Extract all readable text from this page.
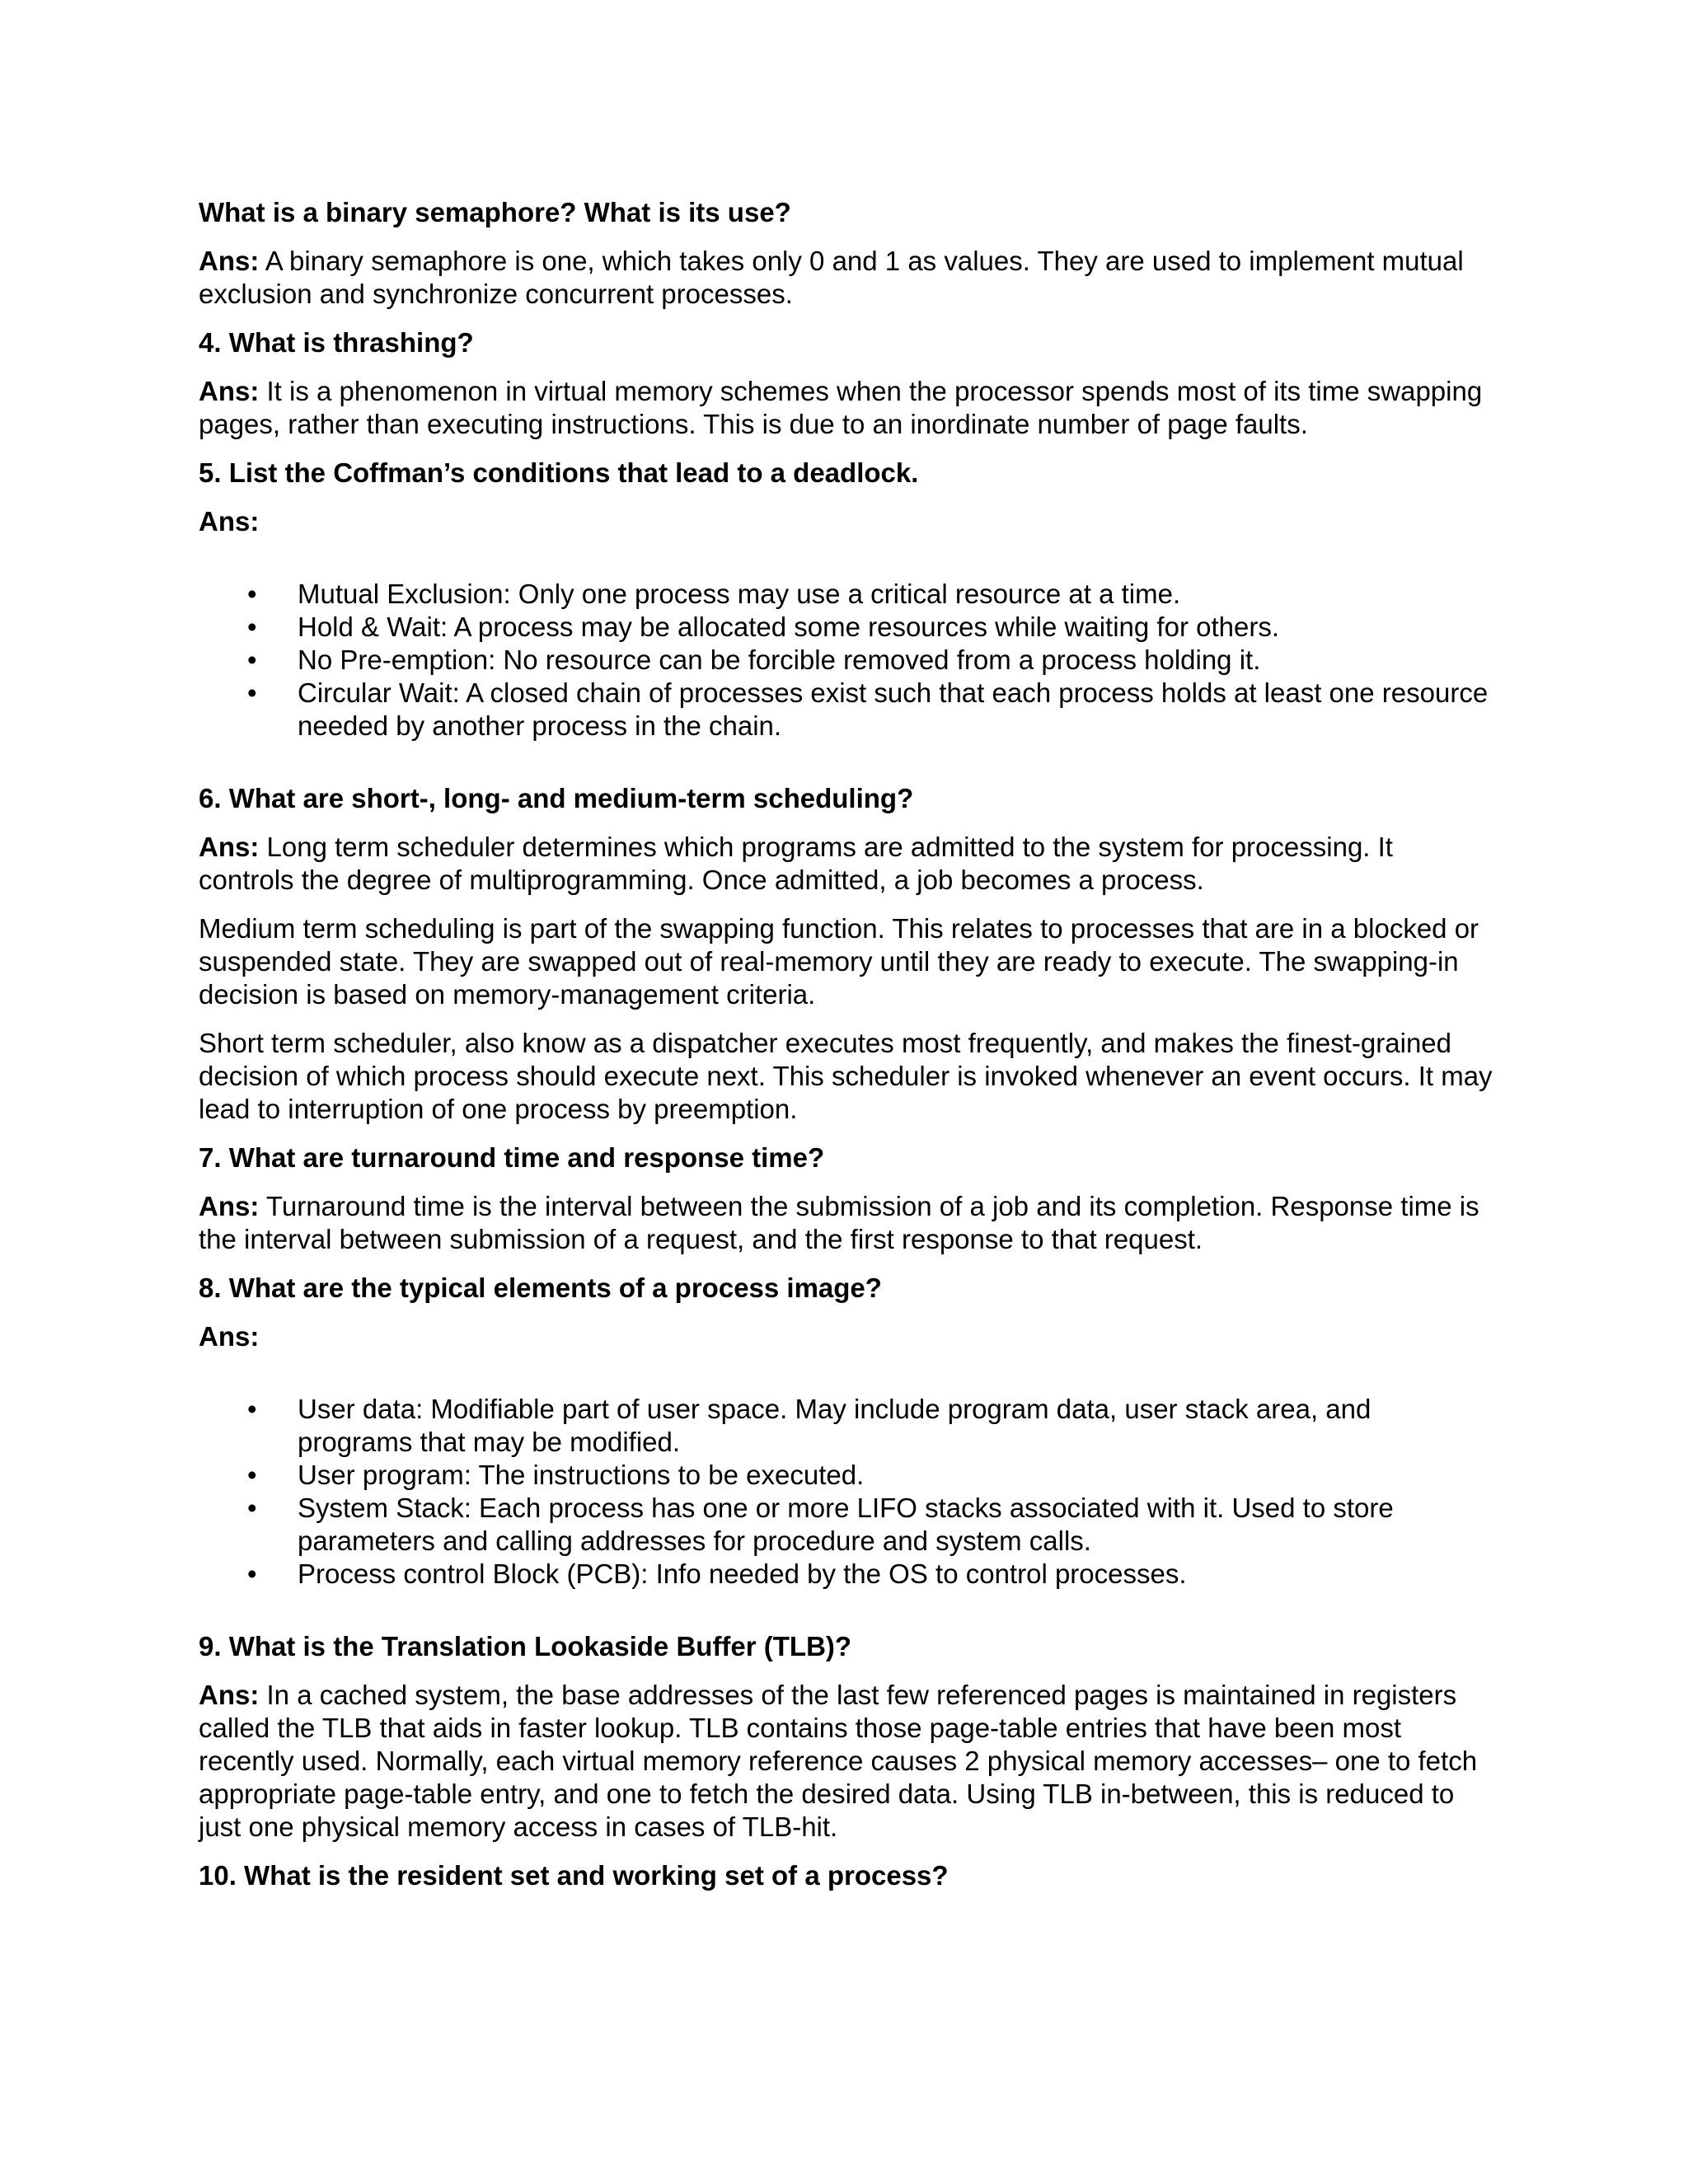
What is a binary semaphore? What is its use?
Ans: A binary semaphore is one, which takes only 0 and 1 as values. They are used to implement mutual exclusion and synchronize concurrent processes.
4. What is thrashing?
Ans: It is a phenomenon in virtual memory schemes when the processor spends most of its time swapping pages, rather than executing instructions. This is due to an inordinate number of page faults.
5. List the Coffman’s conditions that lead to a deadlock.
Ans:
• Mutual Exclusion: Only one process may use a critical resource at a time.
• Hold & Wait: A process may be allocated some resources while waiting for others.
• No Pre-emption: No resource can be forcible removed from a process holding it.
• Circular Wait: A closed chain of processes exist such that each process holds at least one resource needed by another process in the chain.
6. What are short-, long- and medium-term scheduling?
Ans: Long term scheduler determines which programs are admitted to the system for processing. It controls the degree of multiprogramming. Once admitted, a job becomes a process.
Medium term scheduling is part of the swapping function. This relates to processes that are in a blocked or suspended state. They are swapped out of real-memory until they are ready to execute. The swapping-in decision is based on memory-management criteria.
Short term scheduler, also know as a dispatcher executes most frequently, and makes the finest-grained decision of which process should execute next. This scheduler is invoked whenever an event occurs. It may lead to interruption of one process by preemption.
7. What are turnaround time and response time?
Ans: Turnaround time is the interval between the submission of a job and its completion. Response time is the interval between submission of a request, and the first response to that request.
8. What are the typical elements of a process image?
Ans:
• User data: Modifiable part of user space. May include program data, user stack area, and programs that may be modified.
• User program: The instructions to be executed.
• System Stack: Each process has one or more LIFO stacks associated with it. Used to store parameters and calling addresses for procedure and system calls.
• Process control Block (PCB): Info needed by the OS to control processes.
9. What is the Translation Lookaside Buffer (TLB)?
Ans: In a cached system, the base addresses of the last few referenced pages is maintained in registers called the TLB that aids in faster lookup. TLB contains those page-table entries that have been most recently used. Normally, each virtual memory reference causes 2 physical memory accesses– one to fetch appropriate page-table entry, and one to fetch the desired data. Using TLB in-between, this is reduced to just one physical memory access in cases of TLB-hit.
10. What is the resident set and working set of a process?
